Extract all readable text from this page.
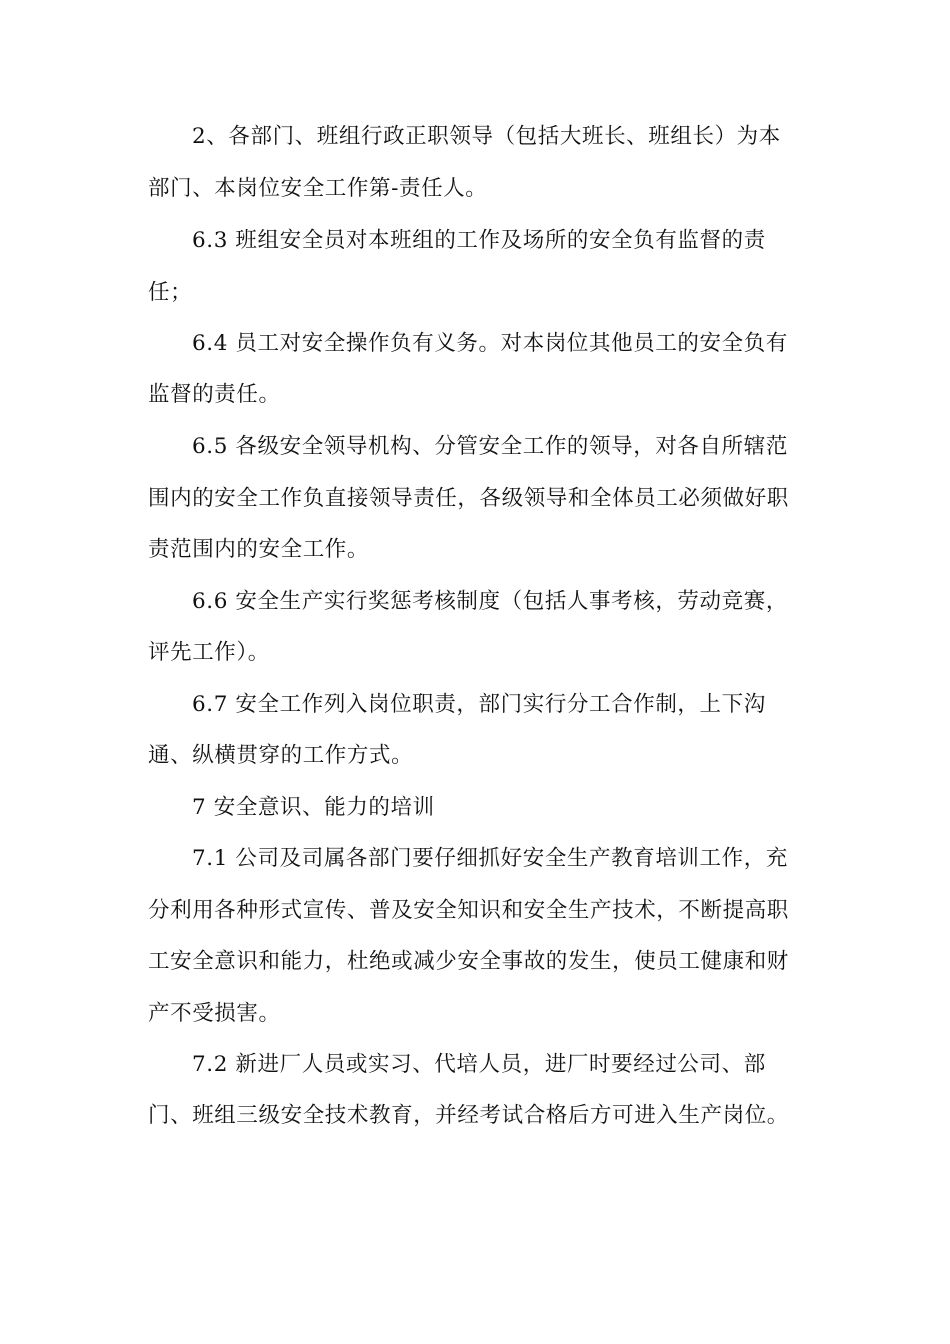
2、各部门、班组行政正职领导（包括大班长、班组长）为本
部门、本岗位安全工作第-责任人。
6.3 班组安全员对本班组的工作及场所的安全负有监督的责
任；
6.4 员工对安全操作负有义务。对本岗位其他员工的安全负有
监督的责任。
6.5 各级安全领导机构、分管安全工作的领导，对各自所辖范
围内的安全工作负直接领导责任，各级领导和全体员工必须做好职
责范围内的安全工作。
6.6 安全生产实行奖惩考核制度（包括人事考核，劳动竞赛，
评先工作）。
6.7 安全工作列入岗位职责，部门实行分工合作制，上下沟
通、纵横贯穿的工作方式。
7 安全意识、能力的培训
7.1 公司及司属各部门要仔细抓好安全生产教育培训工作，充
分利用各种形式宣传、普及安全知识和安全生产技术，不断提高职
工安全意识和能力，杜绝或减少安全事故的发生，使员工健康和财
产不受损害。
7.2 新进厂人员或实习、代培人员，进厂时要经过公司、部
门、班组三级安全技术教育，并经考试合格后方可进入生产岗位。
